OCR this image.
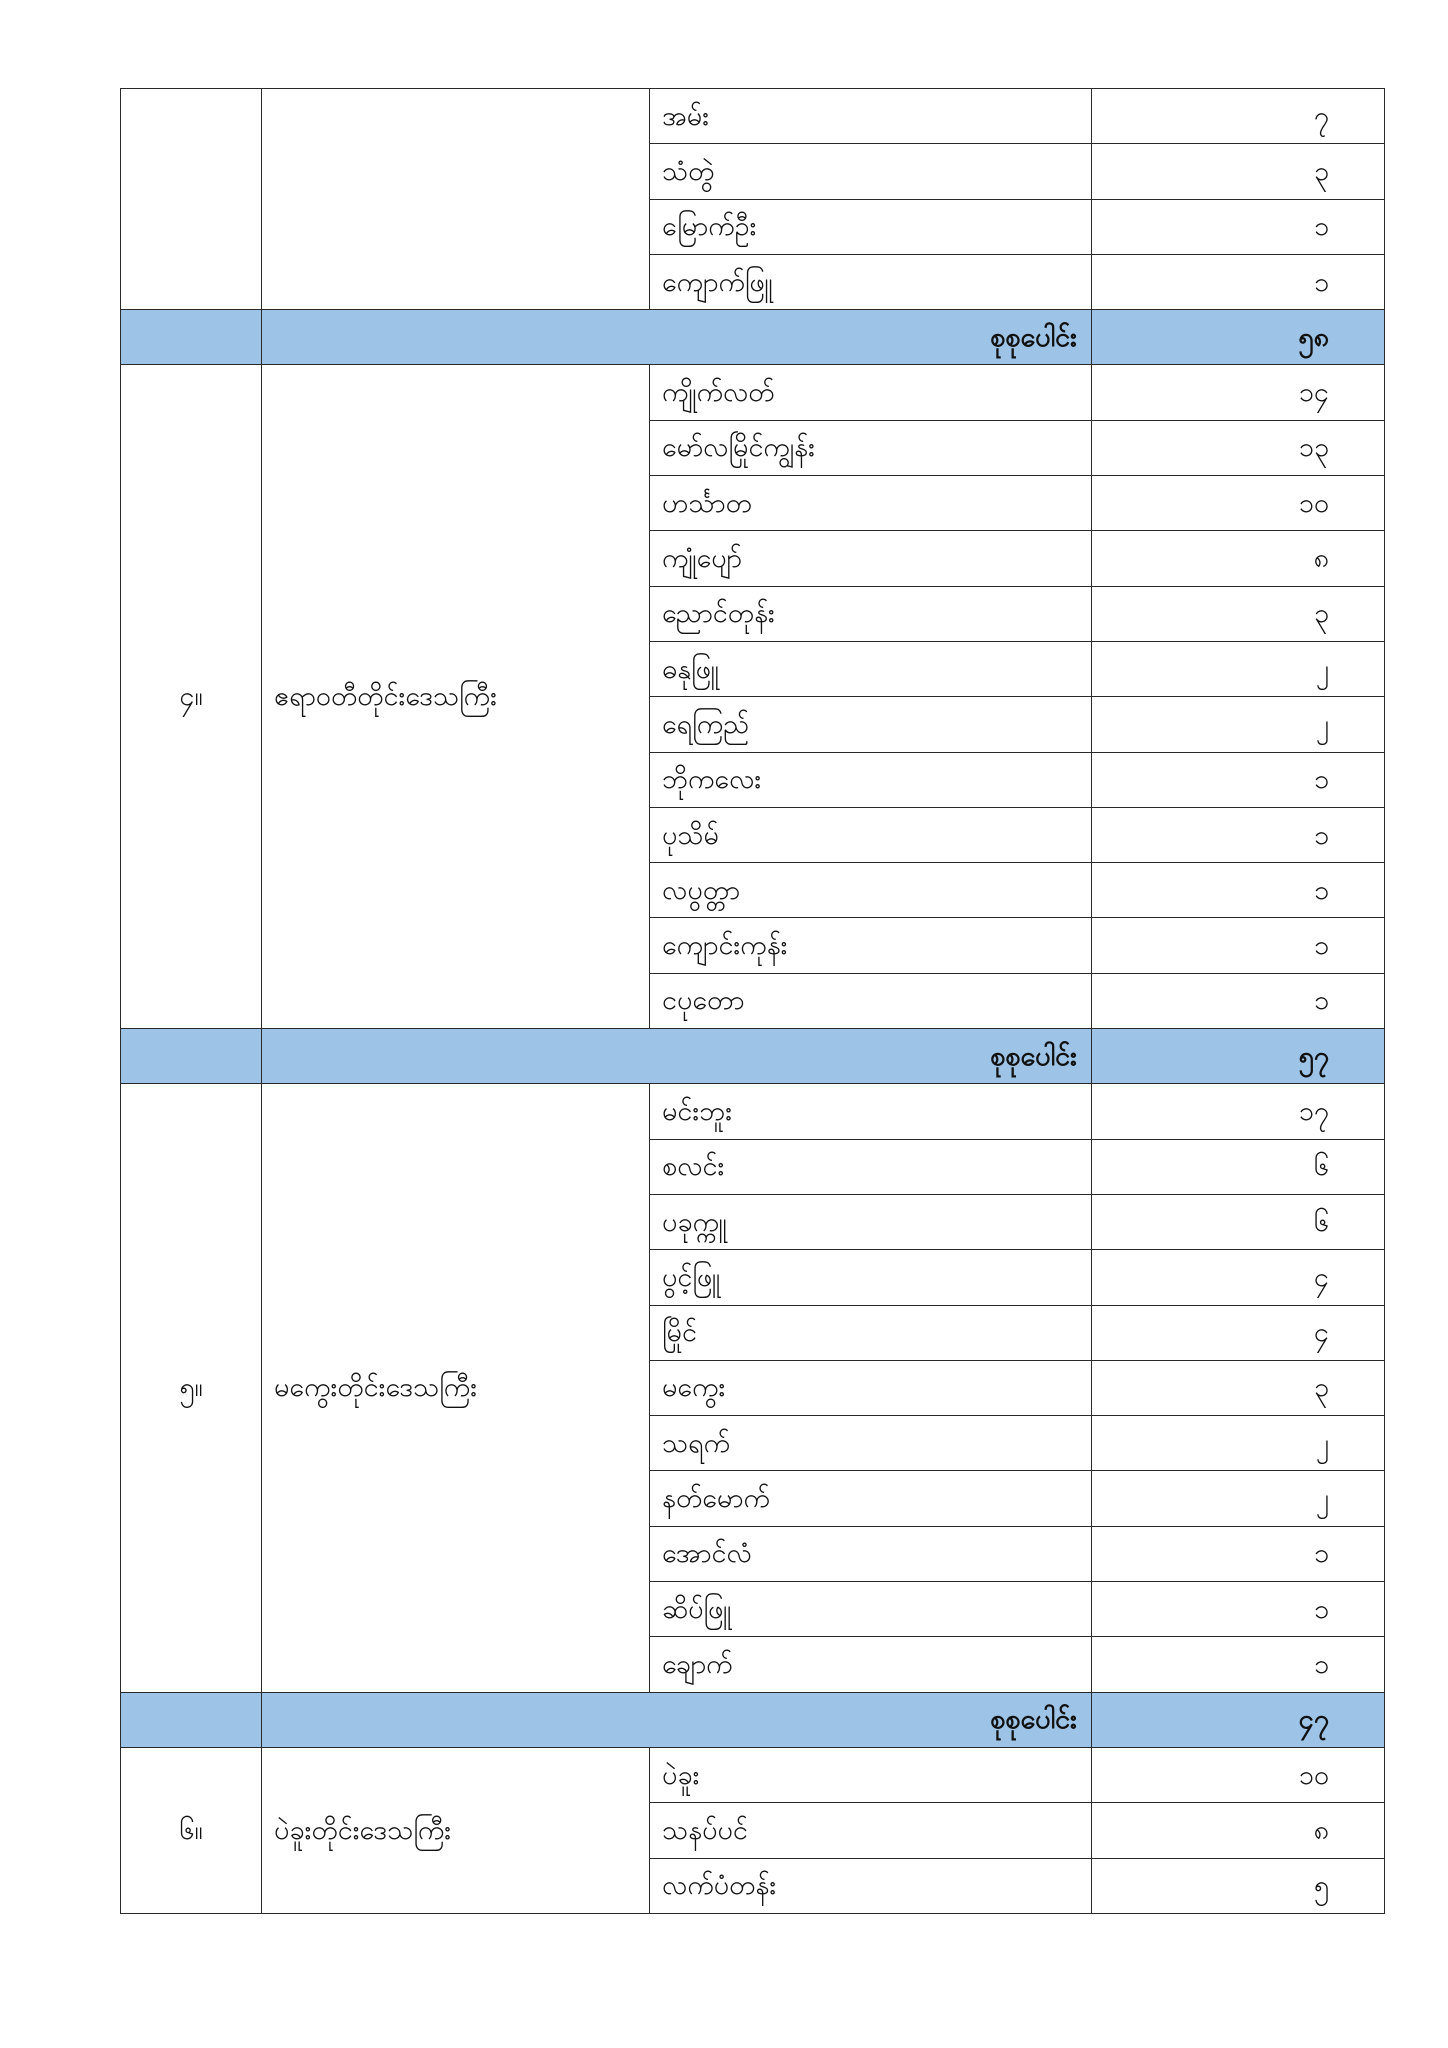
		အမ်း	၇
		သံတွဲ	၃
		မြောက်ဦး	၁
		ကျောက်ဖြူ	၁
	စုစုပေါင်း		၅၈
၄။	ဧရာဝတီတိုင်းဒေသကြီး	ကျိုက်လတ်	၁၄
		မော်လမြိုင်ကျွန်း	၁၃
		ဟင်္သာတ	၁၀
		ကျုံပျော်	၈
		ညောင်တုန်း	၃
		ဓနုဖြူ	၂
		ရေကြည်	၂
		ဘိုကလေး	၁
		ပုသိမ်	၁
		လပွတ္တာ	၁
		ကျောင်းကုန်း	၁
		ငပုတော	၁
	စုစုပေါင်း		၅၇
၅။	မကွေးတိုင်းဒေသကြီး	မင်းဘူး	၁၇
		စလင်း	၆
		ပခုက္ကူ	၆
		ပွင့်ဖြူ	၄
		မြိုင်	၄
		မကွေး	၃
		သရက်	၂
		နတ်မောက်	၂
		အောင်လံ	၁
		ဆိပ်ဖြူ	၁
		ချောက်	၁
	စုစုပေါင်း		၄၇
၆။	ပဲခူးတိုင်းဒေသကြီး	ပဲခူး	၁၀
		သနပ်ပင်	၈
		လက်ပံတန်း	၅
